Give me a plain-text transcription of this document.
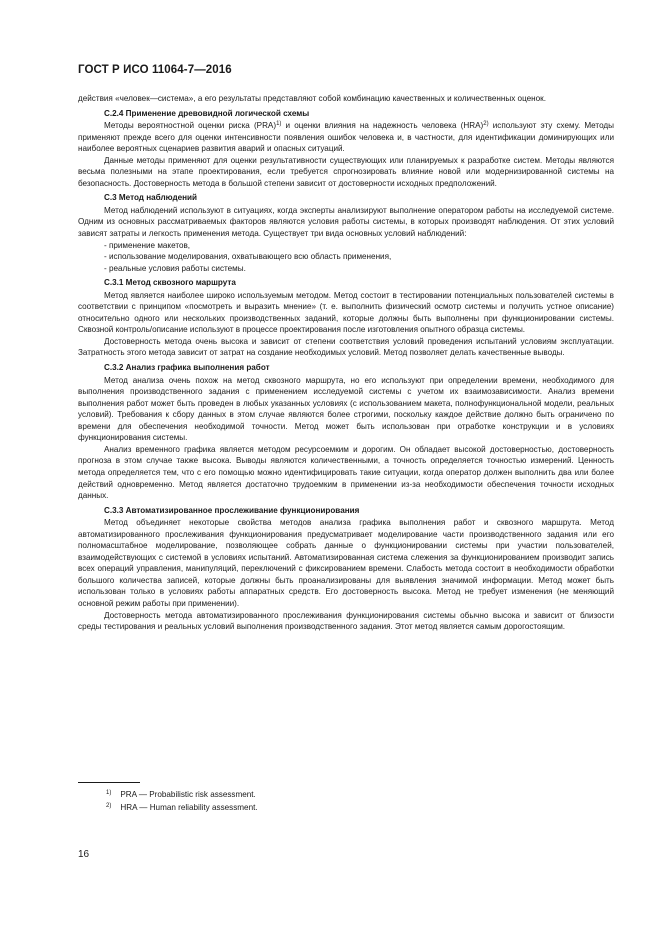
ГОСТ Р ИСО 11064-7—2016

действия «человек—система», а его результаты представляют собой комбинацию качественных и количественных оценок.

С.2.4 Применение древовидной логической схемы

Методы вероятностной оценки риска (PRA)$^{1)}$ и оценки влияния на надежность человека (HRA)$^{2)}$ используют эту схему. Методы применяют прежде всего для оценки интенсивности появления ошибок человека и, в частности, для идентификации доминирующих или наиболее вероятных сценариев развития аварий и опасных ситуаций.

Данные методы применяют для оценки результативности существующих или планируемых к разработке систем. Методы являются весьма полезными на этапе проектирования, если требуется спрогнозировать влияние новой или модернизированной системы на безопасность. Достоверность метода в большой степени зависит от достоверности исходных предположений.

С.3 Метод наблюдений

Метод наблюдений используют в ситуациях, когда эксперты анализируют выполнение оператором работы на исследуемой системе. Одним из основных рассматриваемых факторов являются условия работы системы, в которых производят наблюдения. От этих условий зависят затраты и легкость применения метода. Существует три вида основных условий наблюдений:

- применение макетов,

- использование моделирования, охватывающего всю область применения,

- реальные условия работы системы.

С.3.1 Метод сквозного маршрута

Метод является наиболее широко используемым методом. Метод состоит в тестировании потенциальных пользователей системы в соответствии с принципом «посмотреть и выразить мнение» (т. е. выполнить физический осмотр системы и получить устное описание) относительно одного или нескольких производственных заданий, которые должны быть выполнены при функционировании системы. Сквозной контроль/описание используют в процессе проектирования после изготовления опытного образца системы.

Достоверность метода очень высока и зависит от степени соответствия условий проведения испытаний условиям эксплуатации. Затратность этого метода зависит от затрат на создание необходимых условий. Метод позволяет делать качественные выводы.

С.3.2 Анализ графика выполнения работ

Метод анализа очень похож на метод сквозного маршрута, но его используют при определении времени, необходимого для выполнения производственного задания с применением исследуемой системы с учетом их взаимозависимости. Анализ времени выполнения работ может быть проведен в любых указанных условиях (с использованием макета, полнофункциональной модели, реальных условий). Требования к сбору данных в этом случае являются более строгими, поскольку каждое действие должно быть ограничено по времени для обеспечения необходимой точности. Метод может быть использован при отработке конструкции и в условиях функционирования системы.

Анализ временного графика является методом ресурсоемким и дорогим. Он обладает высокой достоверностью, достоверность прогноза в этом случае также высока. Выводы являются количественными, а точность определяется точностью измерений. Ценность метода определяется тем, что с его помощью можно идентифицировать такие ситуации, когда оператор должен выполнить два или более действий одновременно. Метод является достаточно трудоемким в применении из-за необходимости обеспечения точности исходных данных.

С.3.3 Автоматизированное прослеживание функционирования

Метод объединяет некоторые свойства методов анализа графика выполнения работ и сквозного маршрута. Метод автоматизированного прослеживания функционирования предусматривает моделирование части производственного задания или его полномасштабное моделирование, позволяющее собрать данные о функционировании системы при участии пользователей, взаимодействующих с системой в условиях испытаний. Автоматизированная система слежения за функционированием производит запись всех операций управления, манипуляций, переключений с фиксированием времени. Слабость метода состоит в необходимости обработки большого количества записей, которые должны быть проанализированы для выявления значимой информации. Метод может быть использован только в условиях работы аппаратных средств. Его достоверность высока. Метод не требует изменения (не меняющий основной режим работы при применении).

Достоверность метода автоматизированного прослеживания функционирования системы обычно высока и зависит от близости среды тестирования и реальных условий выполнения производственного задания. Этот метод является самым дорогостоящим.

$^{1)}$ PRA — Probabilistic risk assessment.
$^{2)}$ HRA — Human reliability assessment.
16
